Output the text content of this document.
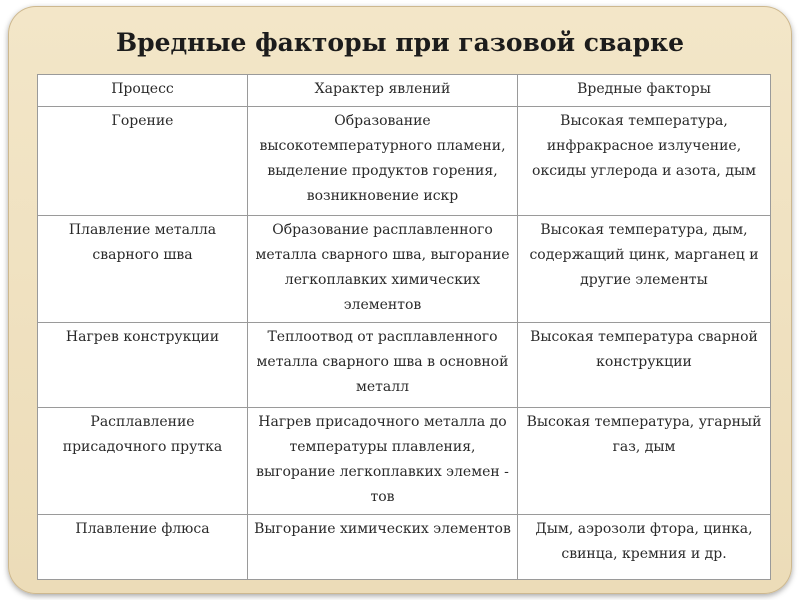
Вредные факторы при газовой сварке
Процесс	Характер явлений	Вредные факторы
Горение	Образование высокотемпературного пламени, выделение продуктов горения, возникновение искр	Высокая температура, инфракрасное излучение, оксиды углерода и азота, дым
Плавление металла сварного шва	Образование расплавленного металла сварного шва, выгорание легкоплавких химических элементов	Высокая температура, дым, содержащий цинк, марганец и другие элементы
Нагрев конструкции	Теплоотвод от расплавленного металла сварного шва в основной металл	Высокая температура сварной конструкции
Расплавление присадочного прутка	Нагрев присадочного металла до температуры плавления, выгорание легкоплавких элемен - тов	Высокая температура, угарный газ, дым
Плавление флюса	Выгорание химических элементов	Дым, аэрозоли фтора, цинка, свинца, кремния и др.
